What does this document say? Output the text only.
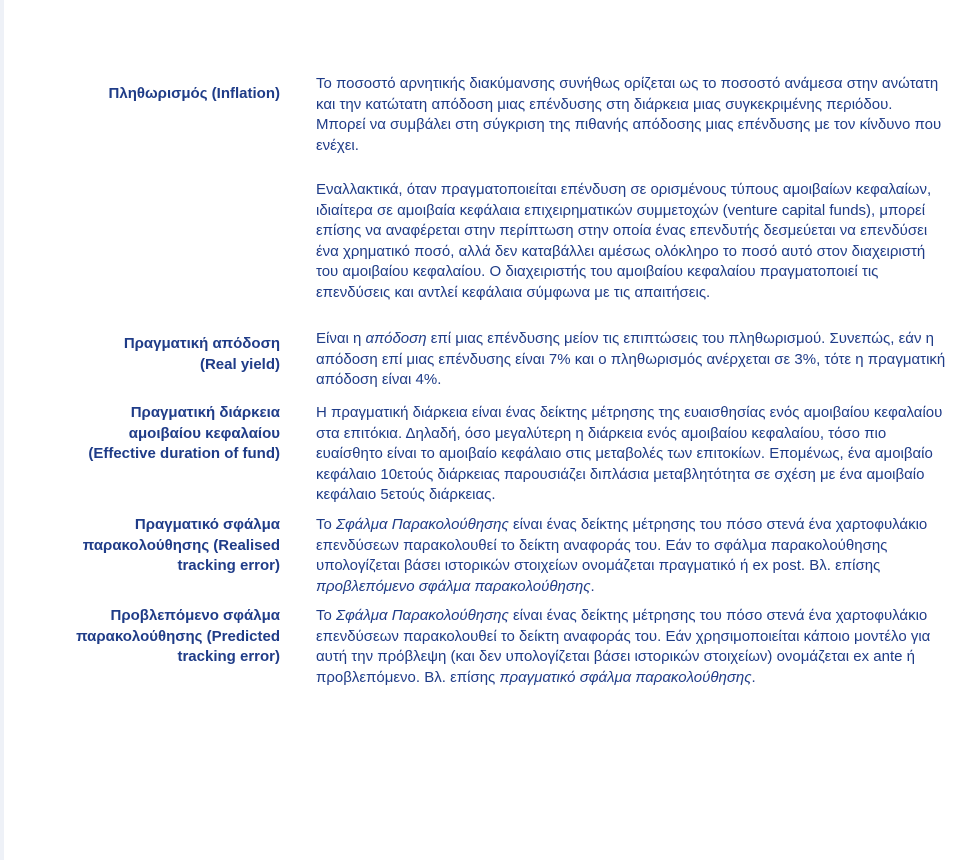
Πληθωρισμός (Inflation)
Το ποσοστό αρνητικής διακύμανσης συνήθως ορίζεται ως το ποσοστό ανάμεσα στην ανώτατη και την κατώτατη απόδοση μιας επένδυσης στη διάρκεια μιας συγκεκριμένης περιόδου. Μπορεί να συμβάλει στη σύγκριση της πιθανής απόδοσης μιας επένδυσης με τον κίνδυνο που ενέχει.
Εναλλακτικά, όταν πραγματοποιείται επένδυση σε ορισμένους τύπους αμοιβαίων κεφαλαίων, ιδιαίτερα σε αμοιβαία κεφάλαια επιχειρηματικών συμμετοχών (venture capital funds), μπορεί επίσης να αναφέρεται στην περίπτωση στην οποία ένας επενδυτής δεσμεύεται να επενδύσει ένα χρηματικό ποσό, αλλά δεν καταβάλλει αμέσως ολόκληρο το ποσό αυτό στον διαχειριστή του αμοιβαίου κεφαλαίου. Ο διαχειριστής του αμοιβαίου κεφαλαίου πραγματοποιεί τις επενδύσεις και αντλεί κεφάλαια σύμφωνα με τις απαιτήσεις.
Πραγματική απόδοση
(Real yield)
Είναι η απόδοση επί μιας επένδυσης μείον τις επιπτώσεις του πληθωρισμού. Συνεπώς, εάν η απόδοση επί μιας επένδυσης είναι 7% και ο πληθωρισμός ανέρχεται σε 3%, τότε η πραγματική απόδοση είναι 4%.
Πραγματική διάρκεια
αμοιβαίου κεφαλαίου
(Effective duration of fund)
Η πραγματική διάρκεια είναι ένας δείκτης μέτρησης της ευαισθησίας ενός αμοιβαίου κεφαλαίου στα επιτόκια. Δηλαδή, όσο μεγαλύτερη η διάρκεια ενός αμοιβαίου κεφαλαίου, τόσο πιο ευαίσθητο είναι το αμοιβαίο κεφάλαιο στις μεταβολές των επιτοκίων. Επομένως, ένα αμοιβαίο κεφάλαιο 10ετούς διάρκειας παρουσιάζει διπλάσια μεταβλητότητα σε σχέση με ένα αμοιβαίο κεφάλαιο 5ετούς διάρκειας.
Πραγματικό σφάλμα
παρακολούθησης (Realised
tracking error)
Το Σφάλμα Παρακολούθησης είναι ένας δείκτης μέτρησης του πόσο στενά ένα χαρτοφυλάκιο επενδύσεων παρακολουθεί το δείκτη αναφοράς του. Εάν το σφάλμα παρακολούθησης υπολογίζεται βάσει ιστορικών στοιχείων ονομάζεται πραγματικό ή ex post. Βλ. επίσης προβλεπόμενο σφάλμα παρακολούθησης.
Προβλεπόμενο σφάλμα
παρακολούθησης (Predicted
tracking error)
Το Σφάλμα Παρακολούθησης είναι ένας δείκτης μέτρησης του πόσο στενά ένα χαρτοφυλάκιο επενδύσεων παρακολουθεί το δείκτη αναφοράς του. Εάν χρησιμοποιείται κάποιο μοντέλο για αυτή την πρόβλεψη (και δεν υπολογίζεται βάσει ιστορικών στοιχείων) ονομάζεται ex ante ή προβλεπόμενο. Βλ. επίσης πραγματικό σφάλμα παρακολούθησης.
